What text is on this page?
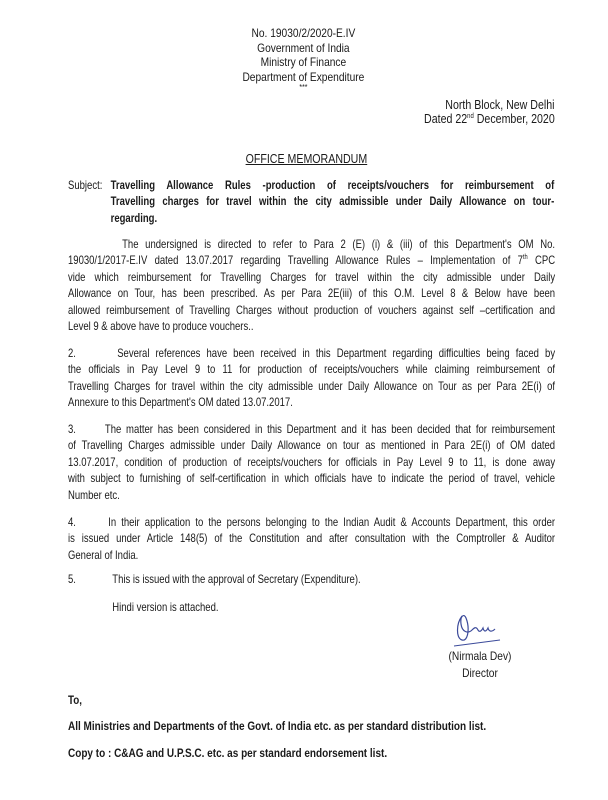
No. 19030/2/2020-E.IV
Government of India
Ministry of Finance
Department of Expenditure
***
North Block, New Delhi
Dated 22nd December, 2020
OFFICE MEMORANDUM
Subject: Travelling Allowance Rules -production of receipts/vouchers for reimbursement of
Travelling charges for travel within the city admissible under Daily Allowance on tour-
regarding.
The undersigned is directed to refer to Para 2 (E) (i) & (iii) of this Department's OM No.
19030/1/2017-E.IV dated 13.07.2017 regarding Travelling Allowance Rules – Implementation of 7th CPC
vide which reimbursement for Travelling Charges for travel within the city admissible under Daily
Allowance on Tour, has been prescribed. As per Para 2E(iii) of this O.M. Level 8 & Below have been
allowed reimbursement of Travelling Charges without production of vouchers against self –certification and
Level 9 & above have to produce vouchers..
2.	Several references have been received in this Department regarding difficulties being faced by
the officials in Pay Level 9 to 11 for production of receipts/vouchers while claiming reimbursement of
Travelling Charges for travel within the city admissible under Daily Allowance on Tour as per Para 2E(i) of
Annexure to this Department's OM dated 13.07.2017.
3.	The matter has been considered in this Department and it has been decided that for reimbursement
of Travelling Charges admissible under Daily Allowance on tour as mentioned in Para 2E(i) of OM dated
13.07.2017, condition of production of receipts/vouchers for officials in Pay Level 9 to 11, is done away
with subject to furnishing of self-certification in which officials have to indicate the period of travel, vehicle
Number etc.
4.	In their application to the persons belonging to the Indian Audit & Accounts Department, this order
is issued under Article 148(5) of the Constitution and after consultation with the Comptroller & Auditor
General of India.
5.	This is issued with the approval of Secretary (Expenditure).
Hindi version is attached.
(Nirmala Dev)
Director
To,
All Ministries and Departments of the Govt. of India etc. as per standard distribution list.
Copy to : C&AG and U.P.S.C. etc. as per standard endorsement list.
